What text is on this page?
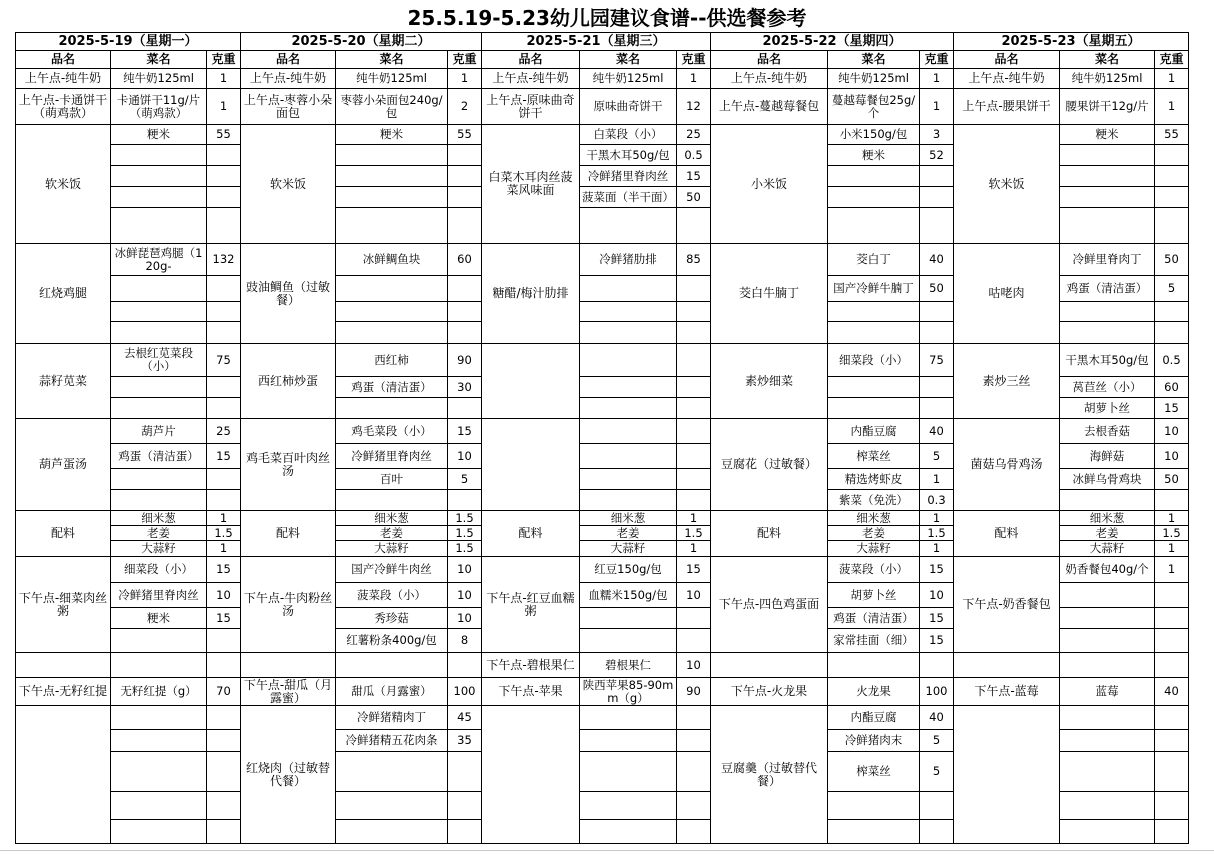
25.5.19-5.23幼儿园建议食谱--供选餐参考
2025-5-19（星期一）			2025-5-20（星期二）			2025-5-21（星期三）			2025-5-22（星期四）			2025-5-23（星期五）		
品名	菜名	克重	品名	菜名	克重	品名	菜名	克重	品名	菜名	克重	品名	菜名	克重
上午点-纯牛奶	纯牛奶125ml	1	上午点-纯牛奶	纯牛奶125ml	1	上午点-纯牛奶	纯牛奶125ml	1	上午点-纯牛奶	纯牛奶125ml	1	上午点-纯牛奶	纯牛奶125ml	1
上午点-卡通饼干（萌鸡款）	卡通饼干11g/片（萌鸡款）	1	上午点-枣蓉小朵面包	枣蓉小朵面包240g/包	2	上午点-原味曲奇饼干	原味曲奇饼干	12	上午点-蔓越莓餐包	蔓越莓餐包25g/个	1	上午点-腰果饼干	腰果饼干12g/片	1
软米饭	粳米	55	软米饭	粳米	55	白菜木耳肉丝菠菜风味面	白菜段（小）	25	小米饭	小米150g/包	3	软米饭	粳米	55
							干黑木耳50g/包	0.5		粳米	52			
							冷鲜猪里脊肉丝	15						
							菠菜面（半干面）	50						

红烧鸡腿	冰鲜琵琶鸡腿（120g-	132	豉油鲷鱼（过敏餐）	冰鲜鲷鱼块	60	糖醋/梅汁肋排	冷鲜猪肋排	85	茭白牛腩丁	茭白丁	40	咕咾肉	冷鲜里脊肉丁	50
										国产冷鲜牛腩丁	50		鸡蛋（清洁蛋）	5

蒜籽苋菜	去根红苋菜段（小）	75	西红柿炒蛋	西红柿	90				素炒细菜	细菜段（小）	75	素炒三丝	干黑木耳50g/包	0.5
				鸡蛋（清洁蛋）	30								莴苣丝（小）	60
													胡萝卜丝	15
葫芦蛋汤	葫芦片	25	鸡毛菜百叶肉丝汤	鸡毛菜段（小）	15				豆腐花（过敏餐）	内酯豆腐	40	菌菇乌骨鸡汤	去根香菇	10
	鸡蛋（清洁蛋）	15		冷鲜猪里脊肉丝	10					榨菜丝	5		海鲜菇	10
				百叶	5					精选烤虾皮	1		冰鲜乌骨鸡块	50
										紫菜（免洗）	0.3			
配料	细米葱	1	配料	细米葱	1.5	配料	细米葱	1	配料	细米葱	1	配料	细米葱	1
	老姜	1.5		老姜	1.5		老姜	1.5		老姜	1.5		老姜	1.5
	大蒜籽	1		大蒜籽	1.5		大蒜籽	1		大蒜籽	1		大蒜籽	1
下午点-细菜肉丝粥	细菜段（小）	15	下午点-牛肉粉丝汤	国产冷鲜牛肉丝	10	下午点-红豆血糯粥	红豆150g/包	15	下午点-四色鸡蛋面	菠菜段（小）	15	下午点-奶香餐包	奶香餐包40g/个	1
	冷鲜猪里脊肉丝	10		菠菜段（小）	10		血糯米150g/包	10		胡萝卜丝	10			
	粳米	15		秀珍菇	10					鸡蛋（清洁蛋）	15			
				红薯粉条400g/包	8					家常挂面（细）	15			
						下午点-碧根果仁	碧根果仁	10						
下午点-无籽红提	无籽红提（g）	70	下午点-甜瓜（月露蜜）	甜瓜（月露蜜）	100	下午点-苹果	陕西苹果85-90mm（g）	90	下午点-火龙果	火龙果	100	下午点-蓝莓	蓝莓	40
			红烧肉（过敏替代餐）	冷鲜猪精肉丁	45				豆腐羹（过敏替代餐）	内酯豆腐	40			
				冷鲜猪精五花肉条	35					冷鲜猪肉末	5			
										榨菜丝	5			
